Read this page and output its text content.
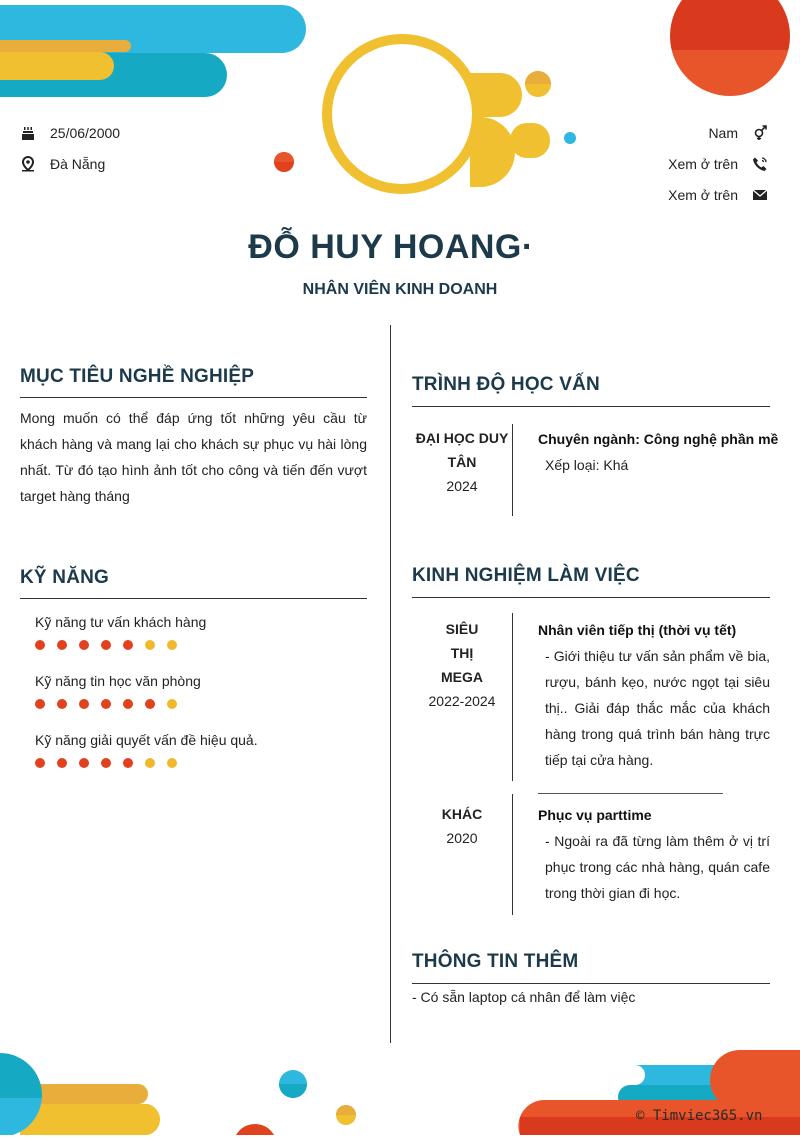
25/06/2000
Đà Nẵng
Nam
Xem ở trên
Xem ở trên
ĐỖ HUY HOANG·
NHÂN VIÊN KINH DOANH
MỤC TIÊU NGHỀ NGHIỆP
Mong muốn có thể đáp ứng tốt những yêu cầu từ khách hàng và mang lại cho khách sự phục vụ hài lòng nhất. Từ đó tạo hình ảnh tốt cho công và tiến đến vượt target hàng tháng
KỸ NĂNG
Kỹ năng tư vấn khách hàng
Kỹ năng tin học văn phòng
Kỹ năng giải quyết vấn đề hiệu quả.
TRÌNH ĐỘ HỌC VẤN
ĐẠI HỌC DUY TÂN
2024
Chuyên ngành: Công nghệ phần mề
Xếp loại: Khá
KINH NGHIỆM LÀM VIỆC
SIÊU THỊ MEGA
2022-2024
Nhân viên tiếp thị (thời vụ tết)
- Giới thiệu tư vấn sản phẩm về bia, rượu, bánh kẹo, nước ngọt tại siêu thị.. Giải đáp thắc mắc của khách hàng trong quá trình bán hàng trực tiếp tại cửa hàng.
KHÁC
2020
Phục vụ parttime
- Ngoài ra đã từng làm thêm ở vị trí phục trong các nhà hàng, quán cafe trong thời gian đi học.
THÔNG TIN THÊM
- Có sẵn laptop cá nhân để làm việc
© Timviec365.vn
